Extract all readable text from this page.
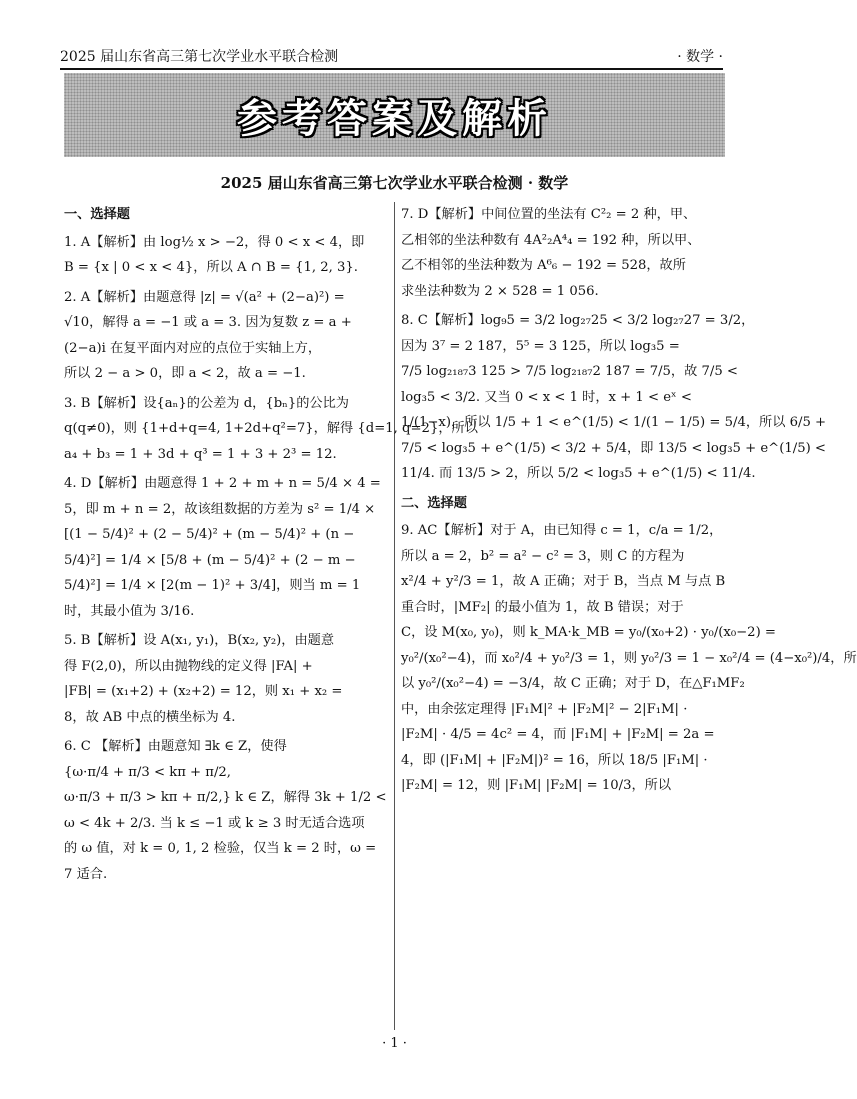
2025 届山东省高三第七次学业水平联合检测	· 数学 ·
参考答案及解析
2025 届山东省高三第七次学业水平联合检测 · 数学
一、选择题
1. A【解析】由 log½ x > −2，得 0 < x < 4，即
B = {x | 0 < x < 4}，所以 A ∩ B = {1, 2, 3}.
2. A【解析】由题意得 |z| = √(a² + (2−a)²) =
√10，解得 a = −1 或 a = 3. 因为复数 z = a +
(2−a)i 在复平面内对应的点位于实轴上方，
所以 2 − a > 0，即 a < 2，故 a = −1.
3. B【解析】设{aₙ}的公差为 d，{bₙ}的公比为
q(q≠0)，则 {1+d+q=4, 1+2d+q²=7}，解得 {d=1, q=2}，所以
a₄ + b₃ = 1 + 3d + q³ = 1 + 3 + 2³ = 12.
4. D【解析】由题意得 1 + 2 + m + n = 5/4 × 4 =
5，即 m + n = 2，故该组数据的方差为 s² = 1/4 ×
[(1 − 5/4)² + (2 − 5/4)² + (m − 5/4)² + (n −
5/4)²] = 1/4 × [5/8 + (m − 5/4)² + (2 − m −
5/4)²] = 1/4 × [2(m − 1)² + 3/4]，则当 m = 1
时，其最小值为 3/16.
5. B【解析】设 A(x₁, y₁)，B(x₂, y₂)，由题意
得 F(2,0)，所以由抛物线的定义得 |FA| +
|FB| = (x₁+2) + (x₂+2) = 12，则 x₁ + x₂ =
8，故 AB 中点的横坐标为 4.
6. C 【解析】由题意知 ∃k ∈ Z，使得
{ω·π/4 + π/3 < kπ + π/2,
ω·π/3 + π/3 > kπ + π/2,} k ∈ Z，解得 3k + 1/2 <
ω < 4k + 2/3. 当 k ≤ −1 或 k ≥ 3 时无适合选项
的 ω 值，对 k = 0, 1, 2 检验，仅当 k = 2 时，ω =
7 适合.
7. D【解析】中间位置的坐法有 C²₂ = 2 种，甲、
乙相邻的坐法种数有 4A²₂A⁴₄ = 192 种，所以甲、
乙不相邻的坐法种数为 A⁶₆ − 192 = 528，故所
求坐法种数为 2 × 528 = 1 056.
8. C【解析】log₉5 = 3/2 log₂₇25 < 3/2 log₂₇27 = 3/2，
因为 3⁷ = 2 187，5⁵ = 3 125，所以 log₃5 =
7/5 log₂₁₈₇3 125 > 7/5 log₂₁₈₇2 187 = 7/5，故 7/5 <
log₃5 < 3/2. 又当 0 < x < 1 时，x + 1 < eˣ <
1/(1−x)，所以 1/5 + 1 < e^(1/5) < 1/(1 − 1/5) = 5/4，所以 6/5 +
7/5 < log₃5 + e^(1/5) < 3/2 + 5/4，即 13/5 < log₃5 + e^(1/5) <
11/4. 而 13/5 > 2，所以 5/2 < log₃5 + e^(1/5) < 11/4.
二、选择题
9. AC【解析】对于 A，由已知得 c = 1，c/a = 1/2，
所以 a = 2，b² = a² − c² = 3，则 C 的方程为
x²/4 + y²/3 = 1，故 A 正确；对于 B，当点 M 与点 B
重合时，|MF₂| 的最小值为 1，故 B 错误；对于
C，设 M(x₀, y₀)，则 k_MA·k_MB = y₀/(x₀+2) · y₀/(x₀−2) =
y₀²/(x₀²−4)，而 x₀²/4 + y₀²/3 = 1，则 y₀²/3 = 1 − x₀²/4 = (4−x₀²)/4，所
以 y₀²/(x₀²−4) = −3/4，故 C 正确；对于 D，在△F₁MF₂
中，由余弦定理得 |F₁M|² + |F₂M|² − 2|F₁M| ·
|F₂M| · 4/5 = 4c² = 4，而 |F₁M| + |F₂M| = 2a =
4，即 (|F₁M| + |F₂M|)² = 16，所以 18/5 |F₁M| ·
|F₂M| = 12，则 |F₁M| |F₂M| = 10/3，所以
· 1 ·
